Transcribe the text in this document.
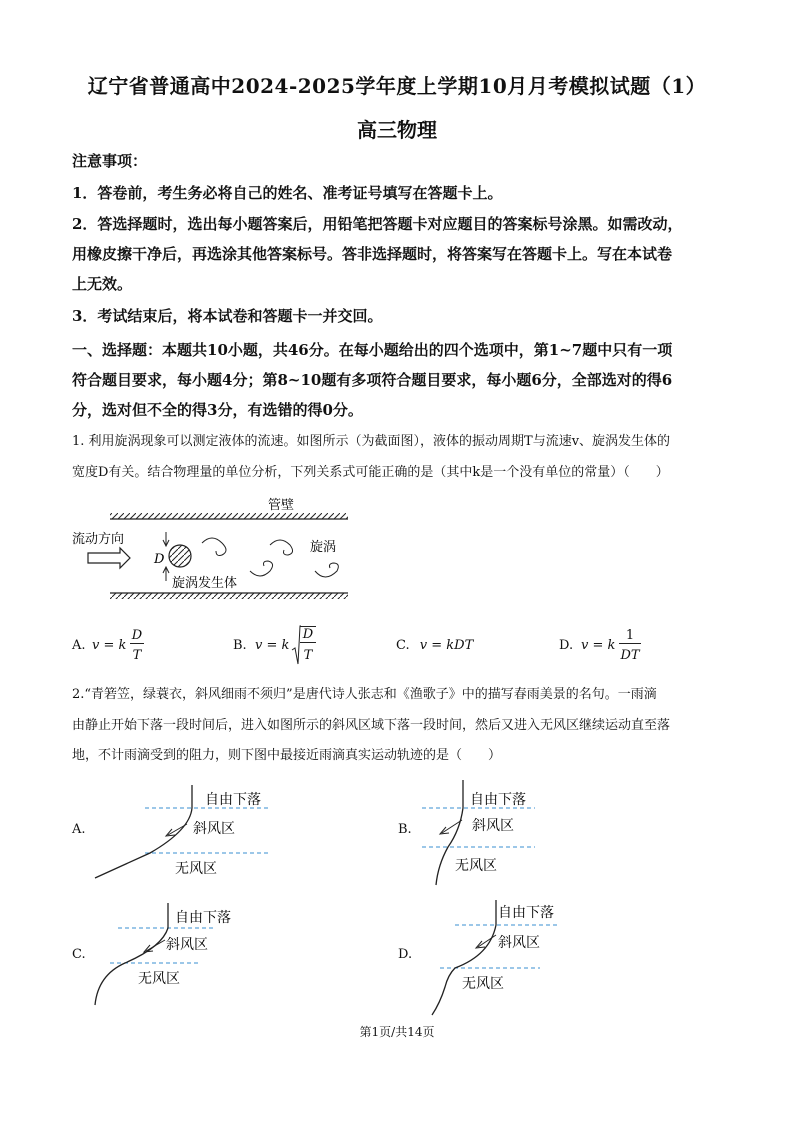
辽宁省普通高中2024-2025学年度上学期10月月考模拟试题（1）
高三物理
注意事项：
1．答卷前，考生务必将自己的姓名、准考证号填写在答题卡上。
2．答选择题时，选出每小题答案后，用铅笔把答题卡对应题目的答案标号涂黑。如需改动，
用橡皮擦干净后，再选涂其他答案标号。答非选择题时，将答案写在答题卡上。写在本试卷
上无效。
3．考试结束后，将本试卷和答题卡一并交回。
一、选择题：本题共10小题，共46分。在每小题给出的四个选项中，第1~7题中只有一项
符合题目要求，每小题4分；第8~10题有多项符合题目要求，每小题6分，全部选对的得6
分，选对但不全的得3分，有选错的得0分。
1. 利用旋涡现象可以测定液体的流速。如图所示（为截面图），液体的振动周期T与流速v、旋涡发生体的
宽度D有关。结合物理量的单位分析，下列关系式可能正确的是（其中k是一个没有单位的常量）（　　）
管壁
流动方向
D
旋涡发生体
旋涡
A. v = k
D
T
B. v = k
D
T
C. v = kDT	D. v = k
1
DT
2.“青箬笠，绿蓑衣，斜风细雨不须归”是唐代诗人张志和《渔歌子》中的描写春雨美景的名句。一雨滴
由静止开始下落一段时间后，进入如图所示的斜风区域下落一段时间，然后又进入无风区继续运动直至落
地，不计雨滴受到的阻力，则下图中最接近雨滴真实运动轨迹的是（　　）
A.
自由下落
斜风区
无风区
B.
自由下落
斜风区
无风区
C.
自由下落
斜风区
无风区
D.
自由下落
斜风区
无风区
第1页/共14页
